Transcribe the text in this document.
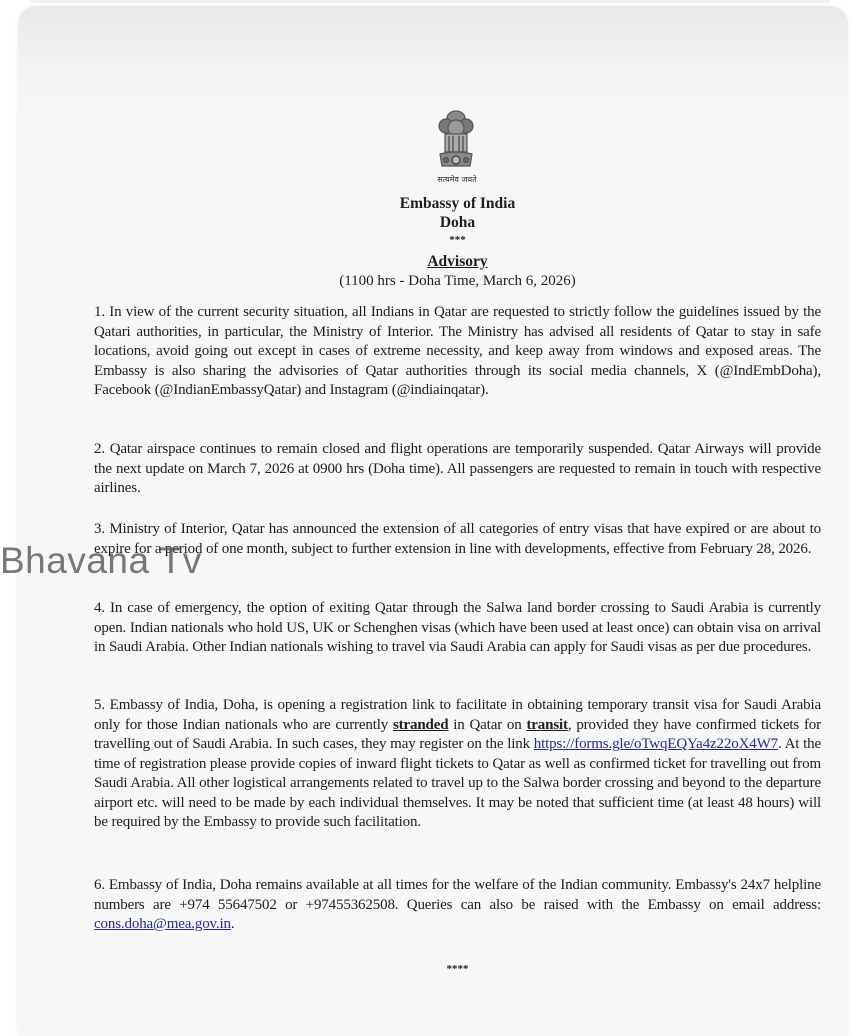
सत्यमेव जयते
Embassy of India
Doha
***
Advisory
(1100 hrs - Doha Time, March 6, 2026)

1. In view of the current security situation, all Indians in Qatar are requested to strictly follow the guidelines issued by the Qatari authorities, in particular, the Ministry of Interior. The Ministry has advised all residents of Qatar to stay in safe locations, avoid going out except in cases of extreme necessity, and keep away from windows and exposed areas. The Embassy is also sharing the advisories of Qatar authorities through its social media channels, X (@IndEmbDoha), Facebook (@IndianEmbassyQatar) and Instagram (@indiainqatar).

2. Qatar airspace continues to remain closed and flight operations are temporarily suspended. Qatar Airways will provide the next update on March 7, 2026 at 0900 hrs (Doha time). All passengers are requested to remain in touch with respective airlines.

3. Ministry of Interior, Qatar has announced the extension of all categories of entry visas that have expired or are about to expire for a period of one month, subject to further extension in line with developments, effective from February 28, 2026.

4. In case of emergency, the option of exiting Qatar through the Salwa land border crossing to Saudi Arabia is currently open. Indian nationals who hold US, UK or Schenghen visas (which have been used at least once) can obtain visa on arrival in Saudi Arabia. Other Indian nationals wishing to travel via Saudi Arabia can apply for Saudi visas as per due procedures.

5. Embassy of India, Doha, is opening a registration link to facilitate in obtaining temporary transit visa for Saudi Arabia only for those Indian nationals who are currently stranded in Qatar on transit, provided they have confirmed tickets for travelling out of Saudi Arabia. In such cases, they may register on the link https://forms.gle/oTwqEQYa4z22oX4W7. At the time of registration please provide copies of inward flight tickets to Qatar as well as confirmed ticket for travelling out from Saudi Arabia. All other logistical arrangements related to travel up to the Salwa border crossing and beyond to the departure airport etc. will need to be made by each individual themselves. It may be noted that sufficient time (at least 48 hours) will be required by the Embassy to provide such facilitation.

6. Embassy of India, Doha remains available at all times for the welfare of the Indian community. Embassy's 24x7 helpline numbers are +974 55647502 or +97455362508. Queries can also be raised with the Embassy on email address: cons.doha@mea.gov.in.

****
Bhavana Tv
